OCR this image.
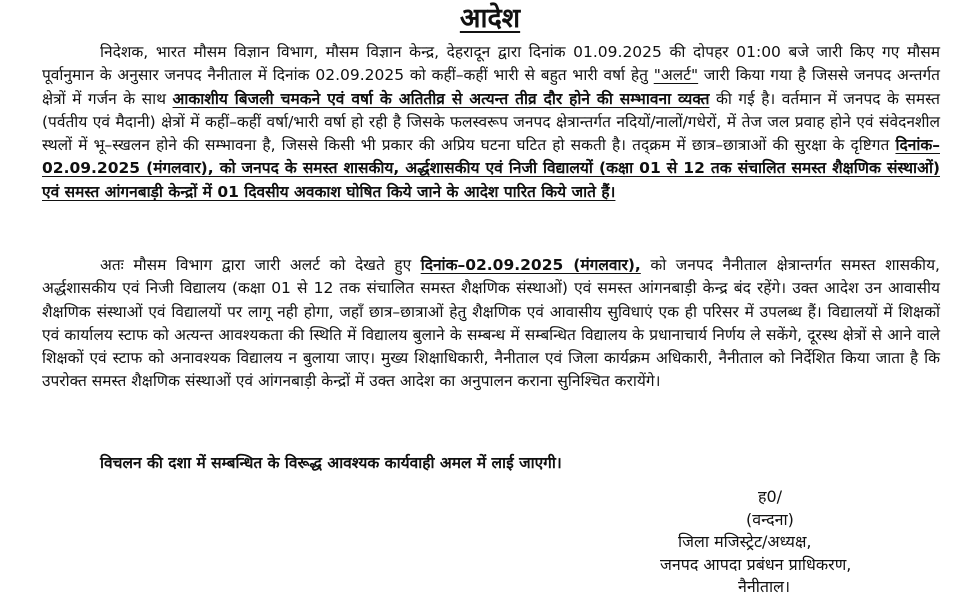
आदेश

निदेशक, भारत मौसम विज्ञान विभाग, मौसम विज्ञान केन्द्र, देहरादून द्वारा दिनांक 01.09.2025 की दोपहर 01:00 बजे जारी किए गए मौसम पूर्वानुमान के अनुसार जनपद नैनीताल में दिनांक 02.09.2025 को कहीं–कहीं भारी से बहुत भारी वर्षा हेतु "अलर्ट" जारी किया गया है जिससे जनपद अन्तर्गत क्षेत्रों में गर्जन के साथ आकाशीय बिजली चमकने एवं वर्षा के अतितीव्र से अत्यन्त तीव्र दौर होने की सम्भावना व्यक्त की गई है। वर्तमान में जनपद के समस्त (पर्वतीय एवं मैदानी) क्षेत्रों में कहीं–कहीं वर्षा/भारी वर्षा हो रही है जिसके फलस्वरूप जनपद क्षेत्रान्तर्गत नदियों/नालों/गधेरों, में तेज जल प्रवाह होने एवं संवेदनशील स्थलों में भू–स्खलन होने की सम्भावना है, जिससे किसी भी प्रकार की अप्रिय घटना घटित हो सकती है। तद्क्रम में छात्र–छात्राओं की सुरक्षा के दृष्टिगत दिनांक–02.09.2025 (मंगलवार), को जनपद के समस्त शासकीय, अर्द्धशासकीय एवं निजी विद्यालयों (कक्षा 01 से 12 तक संचालित समस्त शैक्षणिक संस्थाओं) एवं समस्त आंगनबाड़ी केन्द्रों में 01 दिवसीय अवकाश घोषित किये जाने के आदेश पारित किये जाते हैं।

अतः मौसम विभाग द्वारा जारी अलर्ट को देखते हुए दिनांक–02.09.2025 (मंगलवार), को जनपद नैनीताल क्षेत्रान्तर्गत समस्त शासकीय, अर्द्धशासकीय एवं निजी विद्यालय (कक्षा 01 से 12 तक संचालित समस्त शैक्षणिक संस्थाओं) एवं समस्त आंगनबाड़ी केन्द्र बंद रहेंगे। उक्त आदेश उन आवासीय शैक्षणिक संस्थाओं एवं विद्यालयों पर लागू नही होगा, जहाँ छात्र–छात्राओं हेतु शैक्षणिक एवं आवासीय सुविधाएं एक ही परिसर में उपलब्ध हैं। विद्यालयों में शिक्षकों एवं कार्यालय स्टाफ को अत्यन्त आवश्यकता की स्थिति में विद्यालय बुलाने के सम्बन्ध में सम्बन्धित विद्यालय के प्रधानाचार्य निर्णय ले सकेंगे, दूरस्थ क्षेत्रों से आने वाले शिक्षकों एवं स्टाफ को अनावश्यक विद्यालय न बुलाया जाए। मुख्य शिक्षाधिकारी, नैनीताल एवं जिला कार्यक्रम अधिकारी, नैनीताल को निर्देशित किया जाता है कि उपरोक्त समस्त शैक्षणिक संस्थाओं एवं आंगनबाड़ी केन्द्रों में उक्त आदेश का अनुपालन कराना सुनिश्चित करायेंगे।

विचलन की दशा में सम्बन्धित के विरूद्ध आवश्यक कार्यवाही अमल में लाई जाएगी।

ह0/
(वन्दना)
जिला मजिस्ट्रेट/अध्यक्ष,
जनपद आपदा प्रबंधन प्राधिकरण,
नैनीताल।
